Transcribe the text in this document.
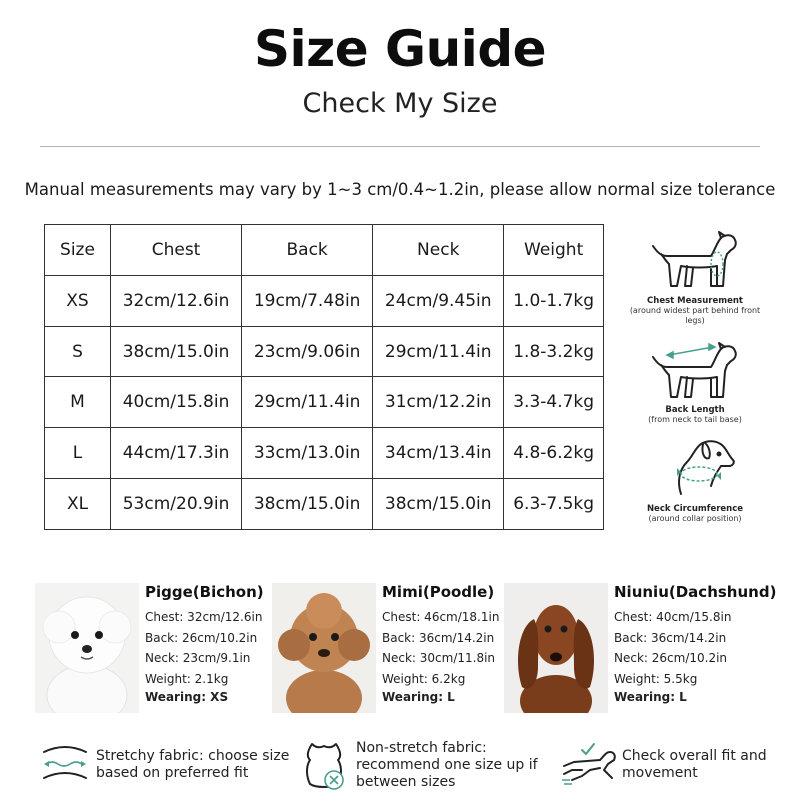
Size Guide
Check My Size
Manual measurements may vary by 1~3 cm/0.4~1.2in, please allow normal size tolerance
Size	Chest	Back	Neck	Weight
XS	32cm/12.6in	19cm/7.48in	24cm/9.45in	1.0-1.7kg
S	38cm/15.0in	23cm/9.06in	29cm/11.4in	1.8-3.2kg
M	40cm/15.8in	29cm/11.4in	31cm/12.2in	3.3-4.7kg
L	44cm/17.3in	33cm/13.0in	34cm/13.4in	4.8-6.2kg
XL	53cm/20.9in	38cm/15.0in	38cm/15.0in	6.3-7.5kg
Chest Measurement
(around widest part behind front legs)
Back Length
(from neck to tail base)
Neck Circumference
(around collar position)
Pigge(Bichon)
Chest: 32cm/12.6in
Back: 26cm/10.2in
Neck: 23cm/9.1in
Weight: 2.1kg
Wearing: XS
Mimi(Poodle)
Chest: 46cm/18.1in
Back: 36cm/14.2in
Neck: 30cm/11.8in
Weight: 6.2kg
Wearing: L
Niuniu(Dachshund)
Chest: 40cm/15.8in
Back: 36cm/14.2in
Neck: 26cm/10.2in
Weight: 5.5kg
Wearing: L
Stretchy fabric: choose size
based on preferred fit
Non-stretch fabric:
recommend one size up if
between sizes
Check overall fit and
movement
